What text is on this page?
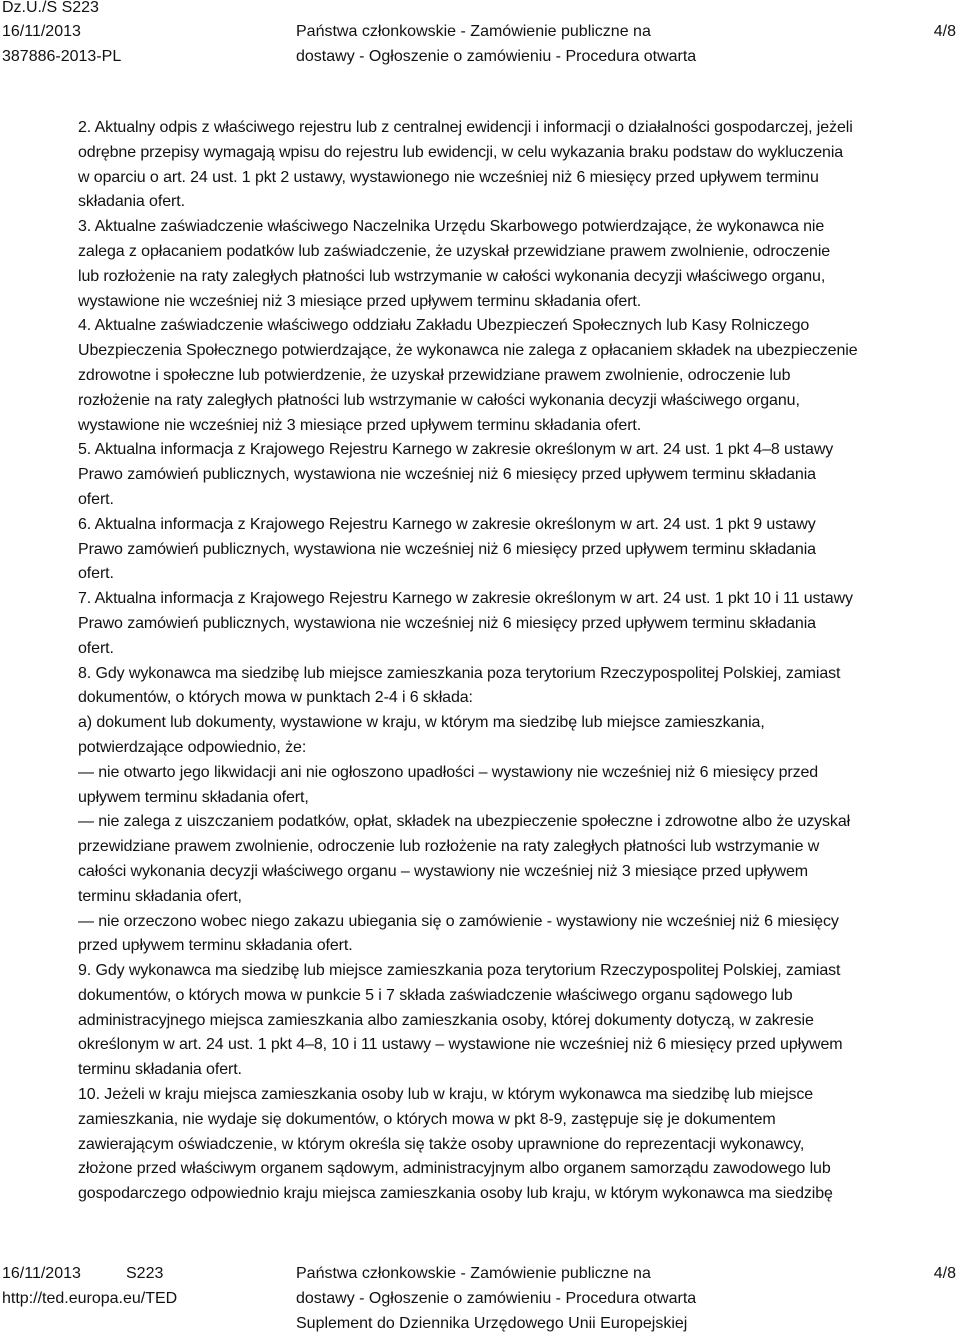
Dz.U./S S223
16/11/2013
387886-2013-PL
Państwa członkowskie - Zamówienie publiczne na
dostawy - Ogłoszenie o zamówieniu - Procedura otwarta
4/8

2. Aktualny odpis z właściwego rejestru lub z centralnej ewidencji i informacji o działalności gospodarczej, jeżeli
odrębne przepisy wymagają wpisu do rejestru lub ewidencji, w celu wykazania braku podstaw do wykluczenia
w oparciu o art. 24 ust. 1 pkt 2 ustawy, wystawionego nie wcześniej niż 6 miesięcy przed upływem terminu
składania ofert.

3. Aktualne zaświadczenie właściwego Naczelnika Urzędu Skarbowego potwierdzające, że wykonawca nie
zalega z opłacaniem podatków lub zaświadczenie, że uzyskał przewidziane prawem zwolnienie, odroczenie
lub rozłożenie na raty zaległych płatności lub wstrzymanie w całości wykonania decyzji właściwego organu,
wystawione nie wcześniej niż 3 miesiące przed upływem terminu składania ofert.

4. Aktualne zaświadczenie właściwego oddziału Zakładu Ubezpieczeń Społecznych lub Kasy Rolniczego
Ubezpieczenia Społecznego potwierdzające, że wykonawca nie zalega z opłacaniem składek na ubezpieczenie
zdrowotne i społeczne lub potwierdzenie, że uzyskał przewidziane prawem zwolnienie, odroczenie lub
rozłożenie na raty zaległych płatności lub wstrzymanie w całości wykonania decyzji właściwego organu,
wystawione nie wcześniej niż 3 miesiące przed upływem terminu składania ofert.

5. Aktualna informacja z Krajowego Rejestru Karnego w zakresie określonym w art. 24 ust. 1 pkt 4–8 ustawy
Prawo zamówień publicznych, wystawiona nie wcześniej niż 6 miesięcy przed upływem terminu składania
ofert.

6. Aktualna informacja z Krajowego Rejestru Karnego w zakresie określonym w art. 24 ust. 1 pkt 9 ustawy
Prawo zamówień publicznych, wystawiona nie wcześniej niż 6 miesięcy przed upływem terminu składania
ofert.

7. Aktualna informacja z Krajowego Rejestru Karnego w zakresie określonym w art. 24 ust. 1 pkt 10 i 11 ustawy
Prawo zamówień publicznych, wystawiona nie wcześniej niż 6 miesięcy przed upływem terminu składania
ofert.

8. Gdy wykonawca ma siedzibę lub miejsce zamieszkania poza terytorium Rzeczypospolitej Polskiej, zamiast
dokumentów, o których mowa w punktach 2-4 i 6 składa:

a) dokument lub dokumenty, wystawione w kraju, w którym ma siedzibę lub miejsce zamieszkania,
potwierdzające odpowiednio, że:

— nie otwarto jego likwidacji ani nie ogłoszono upadłości – wystawiony nie wcześniej niż 6 miesięcy przed
upływem terminu składania ofert,

— nie zalega z uiszczaniem podatków, opłat, składek na ubezpieczenie społeczne i zdrowotne albo że uzyskał
przewidziane prawem zwolnienie, odroczenie lub rozłożenie na raty zaległych płatności lub wstrzymanie w
całości wykonania decyzji właściwego organu – wystawiony nie wcześniej niż 3 miesiące przed upływem
terminu składania ofert,

— nie orzeczono wobec niego zakazu ubiegania się o zamówienie - wystawiony nie wcześniej niż 6 miesięcy
przed upływem terminu składania ofert.

9. Gdy wykonawca ma siedzibę lub miejsce zamieszkania poza terytorium Rzeczypospolitej Polskiej, zamiast
dokumentów, o których mowa w punkcie 5 i 7 składa zaświadczenie właściwego organu sądowego lub
administracyjnego miejsca zamieszkania albo zamieszkania osoby, której dokumenty dotyczą, w zakresie
określonym w art. 24 ust. 1 pkt 4–8, 10 i 11 ustawy – wystawione nie wcześniej niż 6 miesięcy przed upływem
terminu składania ofert.

10. Jeżeli w kraju miejsca zamieszkania osoby lub w kraju, w którym wykonawca ma siedzibę lub miejsce
zamieszkania, nie wydaje się dokumentów, o których mowa w pkt 8-9, zastępuje się je dokumentem
zawierającym oświadczenie, w którym określa się także osoby uprawnione do reprezentacji wykonawcy,
złożone przed właściwym organem sądowym, administracyjnym albo organem samorządu zawodowego lub
gospodarczego odpowiednio kraju miejsca zamieszkania osoby lub kraju, w którym wykonawca ma siedzibę

16/11/2013	S223
http://ted.europa.eu/TED
Państwa członkowskie - Zamówienie publiczne na
dostawy - Ogłoszenie o zamówieniu - Procedura otwarta
Suplement do Dziennika Urzędowego Unii Europejskiej
4/8
